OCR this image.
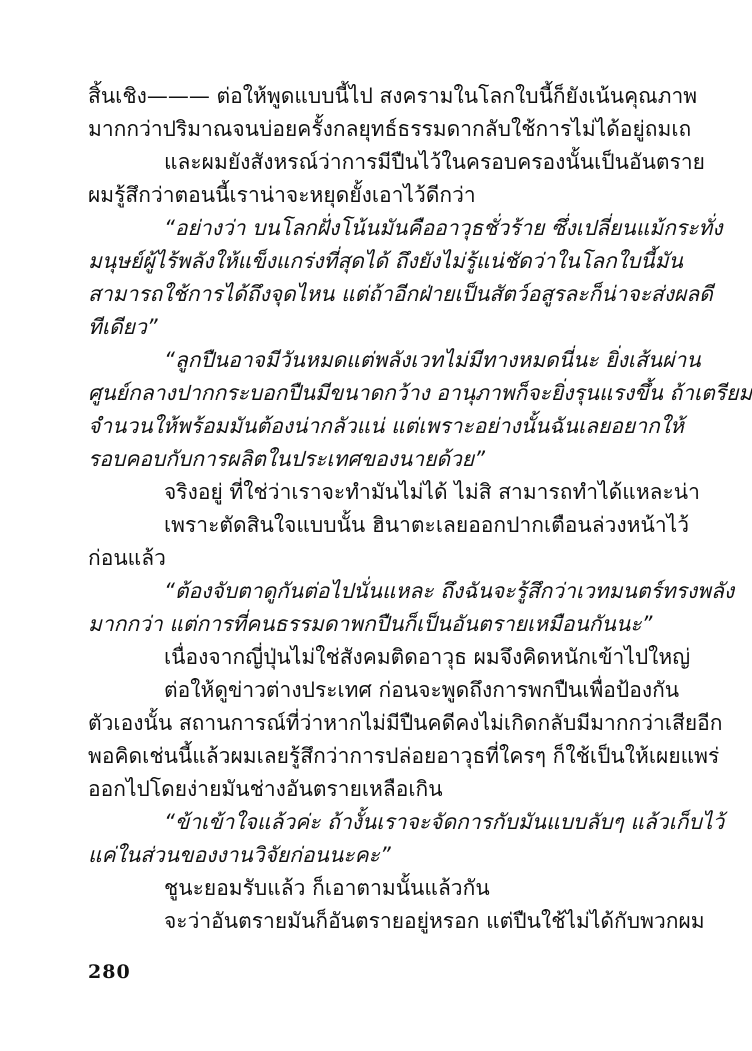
สิ้นเชิง——— ต่อให้พูดแบบนี้ไป สงครามในโลกใบนี้ก็ยังเน้นคุณภาพ
มากกว่าปริมาณจนบ่อยครั้งกลยุทธ์ธรรมดากลับใช้การไม่ได้อยู่ถมเถ
และผมยังสังหรณ์ว่าการมีปืนไว้ในครอบครองนั้นเป็นอันตราย
ผมรู้สึกว่าตอนนี้เราน่าจะหยุดยั้งเอาไว้ดีกว่า
“อย่างว่า บนโลกฝั่งโน้นมันคืออาวุธชั่วร้าย ซึ่งเปลี่ยนแม้กระทั่ง
มนุษย์ผู้ไร้พลังให้แข็งแกร่งที่สุดได้ ถึงยังไม่รู้แน่ชัดว่าในโลกใบนี้มัน
สามารถใช้การได้ถึงจุดไหน แต่ถ้าอีกฝ่ายเป็นสัตว์อสูรละก็น่าจะส่งผลดี
ทีเดียว”
“ลูกปืนอาจมีวันหมดแต่พลังเวทไม่มีทางหมดนี่นะ ยิ่งเส้นผ่าน
ศูนย์กลางปากกระบอกปืนมีขนาดกว้าง อานุภาพก็จะยิ่งรุนแรงขึ้น ถ้าเตรียม
จำนวนให้พร้อมมันต้องน่ากลัวแน่ แต่เพราะอย่างนั้นฉันเลยอยากให้
รอบคอบกับการผลิตในประเทศของนายด้วย”
จริงอยู่ ที่ใช่ว่าเราจะทำมันไม่ได้ ไม่สิ สามารถทำได้แหละน่า
เพราะตัดสินใจแบบนั้น ฮินาตะเลยออกปากเตือนล่วงหน้าไว้
ก่อนแล้ว
“ต้องจับตาดูกันต่อไปนั่นแหละ ถึงฉันจะรู้สึกว่าเวทมนตร์ทรงพลัง
มากกว่า แต่การที่คนธรรมดาพกปืนก็เป็นอันตรายเหมือนกันนะ”
เนื่องจากญี่ปุ่นไม่ใช่สังคมติดอาวุธ ผมจึงคิดหนักเข้าไปใหญ่
ต่อให้ดูข่าวต่างประเทศ ก่อนจะพูดถึงการพกปืนเพื่อป้องกัน
ตัวเองนั้น สถานการณ์ที่ว่าหากไม่มีปืนคดีคงไม่เกิดกลับมีมากกว่าเสียอีก
พอคิดเช่นนี้แล้วผมเลยรู้สึกว่าการปล่อยอาวุธที่ใครๆ ก็ใช้เป็นให้เผยแพร่
ออกไปโดยง่ายมันช่างอันตรายเหลือเกิน
“ข้าเข้าใจแล้วค่ะ ถ้างั้นเราจะจัดการกับมันแบบลับๆ แล้วเก็บไว้
แค่ในส่วนของงานวิจัยก่อนนะคะ”
ชูนะยอมรับแล้ว ก็เอาตามนั้นแล้วกัน
จะว่าอันตรายมันก็อันตรายอยู่หรอก แต่ปืนใช้ไม่ได้กับพวกผม
280
